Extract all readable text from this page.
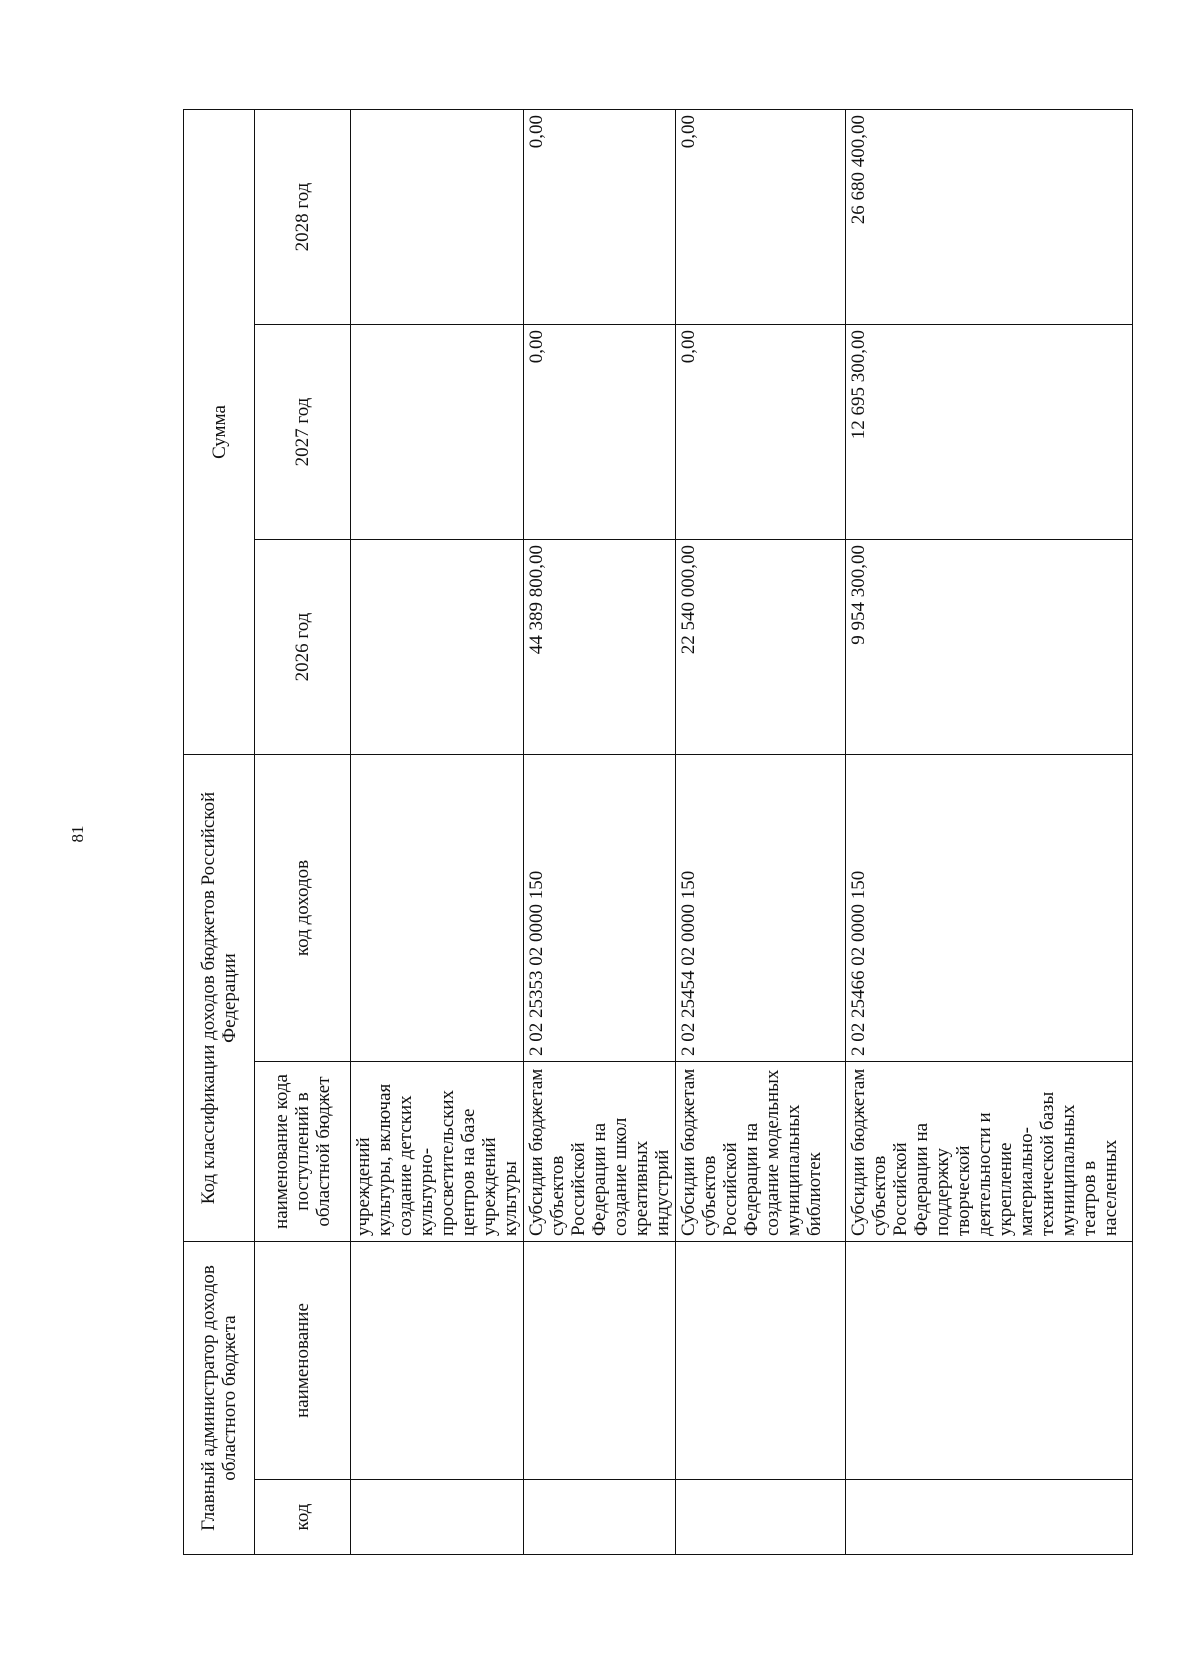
81
Главный администратор доходов областного бюджета		Код классификации доходов бюджетов Российской Федерации		Сумма		
код	наименование	наименование кода поступлений в областной бюджет	код доходов	2026 год	2027 год	2028 год
		учреждений культуры, включая создание детских культурно-просветительских центров на базе учреждений культуры				
		Субсидии бюджетам субъектов Российской Федерации на создание школ креативных индустрий	2 02 25353 02 0000 150	44 389 800,00	0,00	0,00
		Субсидии бюджетам субъектов Российской Федерации на создание модельных муниципальных библиотек	2 02 25454 02 0000 150	22 540 000,00	0,00	0,00
		Субсидии бюджетам субъектов Российской Федерации на поддержку творческой деятельности и укрепление материально-технической базы муниципальных театров в населенных	2 02 25466 02 0000 150	9 954 300,00	12 695 300,00	26 680 400,00
